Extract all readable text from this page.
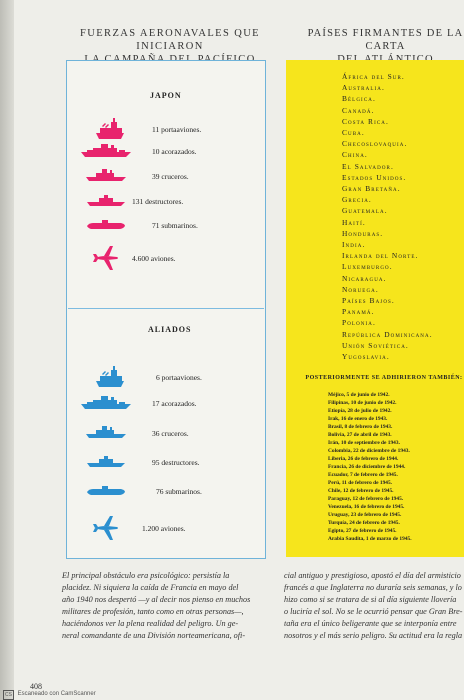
FUERZAS AERONAVALES QUE INICIARON
PAÍSES FIRMANTES DE LA CARTA
JAPON
ALIADOS
11 portaaviones.
10 acorazados.
39 cruceros.
131 destructores.
71 submarinos.
4.600 aviones.
6 portaaviones.
17 acorazados.
36 cruceros.
95 destructores.
76 submarinos.
1.200 aviones.
África del Sur.
Australia.
Bélgica.
Canadá.
Costa Rica.
Cuba.
Checoslovaquia.
China.
El Salvador.
Estados Unidos.
Gran Bretaña.
Grecia.
Guatemala.
Haití.
Honduras.
India.
Irlanda del Norte.
Luxemburgo.
Nicaragua.
Noruega.
Países Bajos.
Panamá.
Polonia.
República Dominicana.
Unión Soviética.
Yugoslavia.
POSTERIORMENTE SE ADHIRIERON TAMBIÉN:
Méjico, 5 de junio de 1942.
Filipinas, 10 de junio de 1942.
Etiopía, 28 de julio de 1942.
Irak, 16 de enero de 1943.
Brasil, 8 de febrero de 1943.
Bolivia, 27 de abril de 1943.
Irán, 10 de septiembre de 1943.
Colombia, 22 de diciembre de 1943.
Liberia, 26 de febrero de 1944.
Francia, 26 de diciembre de 1944.
Ecuador, 7 de febrero de 1945.
Perú, 11 de febrero de 1945.
Chile, 12 de febrero de 1945.
Paraguay, 12 de febrero de 1945.
Venezuela, 16 de febrero de 1945.
Uruguay, 23 de febrero de 1945.
Turquía, 24 de febrero de 1945.
Egipto, 27 de febrero de 1945.
Arabia Saudita, 1 de marzo de 1945.
El principal obstáculo era psicológico: persistía la
placidez. Ni siquiera la caída de Francia en mayo del
año 1940 nos despertó —y al decir nos pienso en muchos
militares de profesión, tanto como en otras personas—,
haciéndonos ver la plena realidad del peligro. Un ge-
neral comandante de una División norteamericana, ofi-
cial antiguo y prestigioso, apostó el día del armisticio
francés a que Inglaterra no duraría seis semanas, y lo
hizo como si se tratara de si al día siguiente llovería
o luciría el sol. No se le ocurrió pensar que Gran Bre-
taña era el único beligerante que se interponía entre
nosotros y el más serio peligro. Su actitud era la regla
408
CS Escaneado con CamScanner
